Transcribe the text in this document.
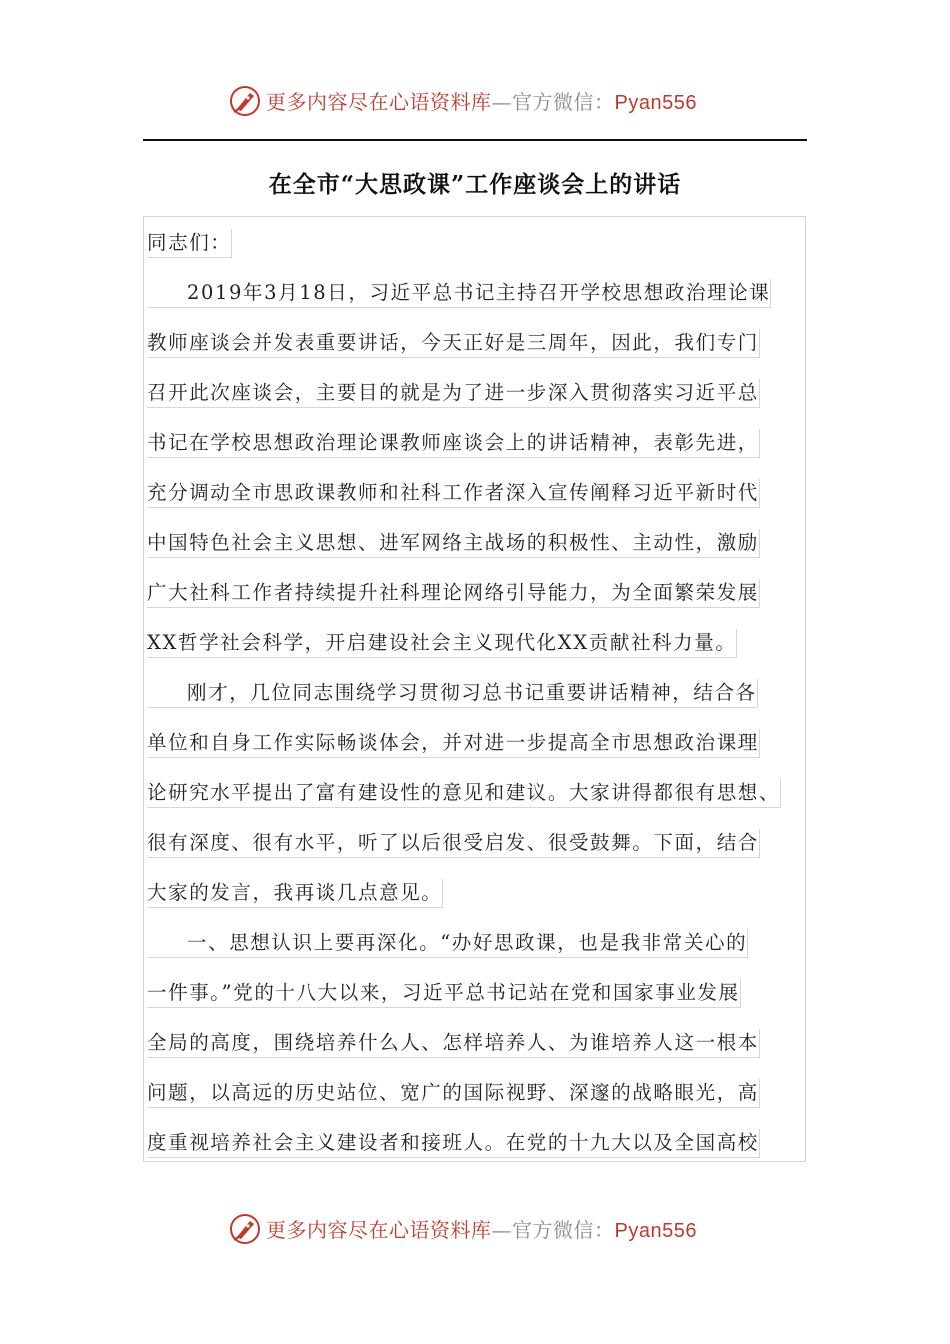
更多内容尽在心语资料库—官方微信：Pyan556
在全市“大思政课”工作座谈会上的讲话
同志们：
2019年3月18日，习近平总书记主持召开学校思想政治理论课
教师座谈会并发表重要讲话，今天正好是三周年，因此，我们专门
召开此次座谈会，主要目的就是为了进一步深入贯彻落实习近平总
书记在学校思想政治理论课教师座谈会上的讲话精神，表彰先进，
充分调动全市思政课教师和社科工作者深入宣传阐释习近平新时代
中国特色社会主义思想、进军网络主战场的积极性、主动性，激励
广大社科工作者持续提升社科理论网络引导能力，为全面繁荣发展
XX哲学社会科学，开启建设社会主义现代化XX贡献社科力量。
刚才，几位同志围绕学习贯彻习总书记重要讲话精神，结合各
单位和自身工作实际畅谈体会，并对进一步提高全市思想政治课理
论研究水平提出了富有建设性的意见和建议。大家讲得都很有思想、
很有深度、很有水平，听了以后很受启发、很受鼓舞。下面，结合
大家的发言，我再谈几点意见。
一、思想认识上要再深化。“办好思政课，也是我非常关心的
一件事。”党的十八大以来，习近平总书记站在党和国家事业发展
全局的高度，围绕培养什么人、怎样培养人、为谁培养人这一根本
问题，以高远的历史站位、宽广的国际视野、深邃的战略眼光，高
度重视培养社会主义建设者和接班人。在党的十九大以及全国高校
更多内容尽在心语资料库—官方微信：Pyan556
